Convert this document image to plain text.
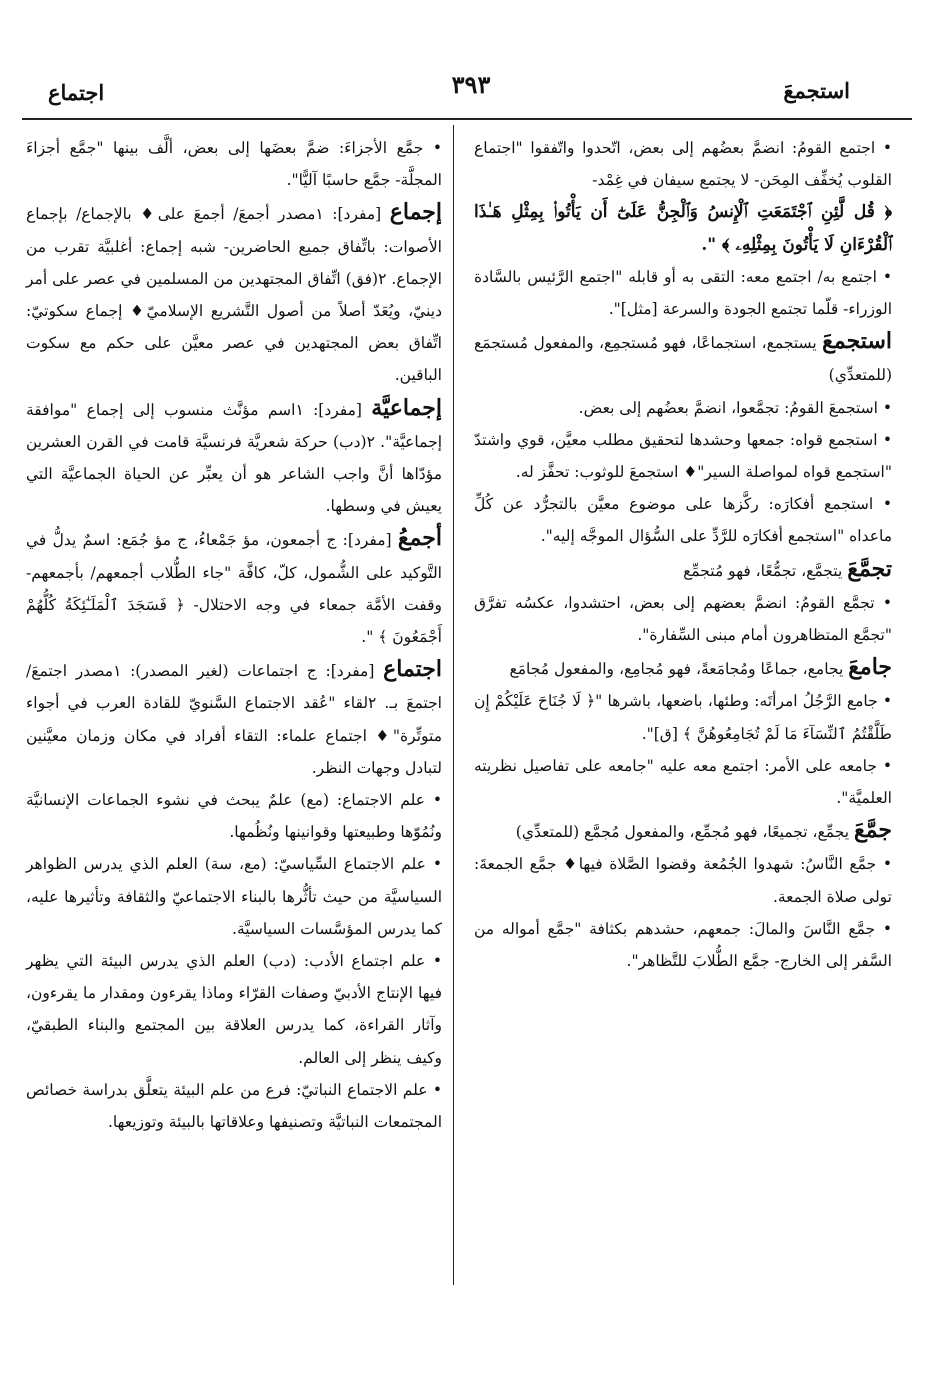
استجمعَ
٣٩٣
اجتماع

• اجتمع القومُ: انضمَّ بعضُهم إلى بعض، اتّحدوا واتّفقوا "اجتماع القلوب يُخفِّف المِحَن- لا يجتمع سيفان في غِمْد-

﴿ قُل لَّئِنِ ٱجْتَمَعَتِ ٱلْإِنسُ وَٱلْجِنُّ عَلَىٰٓ أَن يَأْتُوا۟ بِمِثْلِ هَـٰذَا ٱلْقُرْءَانِ لَا يَأْتُونَ بِمِثْلِهِۦ ﴾ ".

• اجتمع به/ اجتمع معه: التقى به أو قابله "اجتمع الرَّئيس بالسَّادة الوزراء- قلّما تجتمع الجودة والسرعة [مثل]".

استجمعَ يستجمع، استجماعًا، فهو مُستجمِع، والمفعول مُستجمَع (للمتعدِّي)

• استجمعَ القومُ: تجمَّعوا، انضمَّ بعضُهم إلى بعض.

• استجمع قواه: جمعها وحشدها لتحقيق مطلب معيَّن، قوي واشتدّ "استجمع قواه لمواصلة السير"♦ استجمعَ للوثوب: تحفَّز له.

• استجمع أفكارَه: ركَّزها على موضوع معيَّن بالتجرُّد عن كُلِّ ماعداه "استجمع أفكارَه للرَّدِّ على السُّؤال الموجَّه إليه".

تجمَّعَ يتجمَّع، تجمُّعًا، فهو مُتجمِّع

• تجمَّع القومُ: انضمَّ بعضهم إلى بعض، احتشدوا، عكسُه تفرَّق "تجمَّع المتظاهرون أمام مبنى السِّفارة".

جامعَ يجامع، جماعًا ومُجامَعةً، فهو مُجامِع، والمفعول مُجامَع

• جامع الرَّجُلُ امرأتَه: وطئها، باضعها، باشرها "﴿ لَا جُنَاحَ عَلَيْكُمْ إِن طَلَّقْتُمُ ٱلنِّسَآءَ مَا لَمْ تُجَامِعُوهُنَّ ﴾ [ق]".

• جامعه على الأمر: اجتمع معه عليه "جامعه على تفاصيل نظريته العلميَّة".

جمَّعَ يجمِّع، تجميعًا، فهو مُجمِّع، والمفعول مُجمَّع (للمتعدِّي)

• جمَّع النَّاسُ: شهدوا الجُمُعة وقضوا الصَّلاة فيها♦ جمَّع الجمعةَ: تولى صلاة الجمعة.

• جمَّع النَّاسَ والمالَ: جمعهم، حشدهم بكثافة "جمَّع أمواله من السَّفر إلى الخارج- جمَّع الطُّلابَ للتَّظاهر".

• جمَّع الأجزاءَ: ضمَّ بعضَها إلى بعض، ألَّف بينها "جمَّع أجزاءَ المجلَّة- جمَّع حاسبًا آليًّا".

إجماع [مفرد]: ١مصدر أجمعَ/ أجمعَ على♦ بالإجماع/ بإجماع الأصوات: باتِّفاق جميع الحاضرين- شبه إجماع: أغلبيَّة تقرب من الإجماع. ٢(فق) اتِّفاق المجتهدين من المسلمين في عصر على أمر دينيّ، ويُعَدّ أصلاً من أصول التَّشريع الإسلاميّ♦ إجماع سكوتيّ: اتِّفاق بعض المجتهدين في عصر معيَّن على حكم مع سكوت الباقين.

إجماعيَّة [مفرد]: ١اسم مؤنَّث منسوب إلى إجماع "موافقة إجماعيَّة". ٢(دب) حركة شعريَّة فرنسيَّة قامت في القرن العشرين مؤدّاها أنَّ واجب الشاعر هو أن يعبِّر عن الحياة الجماعيَّة التي يعيش في وسطها.

أجمعُ [مفرد]: ج أجمعون، مؤ جَمْعاءُ، ج مؤ جُمَع: اسمٌ يدلُّ في التَّوكيد على الشُّمول، كلّ، كافَّة "جاء الطُّلاب أجمعهم/ بأجمعهم- وقفت الأمَّة جمعاء في وجه الاحتلال- ﴿ فَسَجَدَ ٱلْمَلَـٰٓئِكَةُ كُلُّهُمْ أَجْمَعُونَ ﴾ ".

اجتماع [مفرد]: ج اجتماعات (لغير المصدر): ١مصدر اجتمعَ/ اجتمعَ بـ. ٢لقاء "عُقد الاجتماع السَّنويّ للقادة العرب في أجواء متوتِّرة"♦ اجتماع علماء: التقاء أفراد في مكان وزمان معيَّنين لتبادل وجهات النظر.

• علم الاجتماع: (مع) علمٌ يبحث في نشوء الجماعات الإنسانيَّة ونُمُوّها وطبيعتها وقوانينها ونُظُمها.

• علم الاجتماع السِّياسيّ: (مع، سة) العلم الذي يدرس الظواهر السياسيَّة من حيث تأثُّرها بالبناء الاجتماعيّ والثقافة وتأثيرها عليه، كما يدرس المؤسَّسات السياسيَّة.

• علم اجتماع الأدب: (دب) العلم الذي يدرس البيئة التي يظهر فيها الإنتاج الأدبيّ وصفات القرّاء وماذا يقرءون ومقدار ما يقرءون، وآثار القراءة، كما يدرس العلاقة بين المجتمع والبناء الطبقيّ، وكيف ينظر إلى العالم.

• علم الاجتماع النباتيّ: فرع من علم البيئة يتعلَّق بدراسة خصائص المجتمعات النباتيَّة وتصنيفها وعلاقاتها بالبيئة وتوزيعها.
